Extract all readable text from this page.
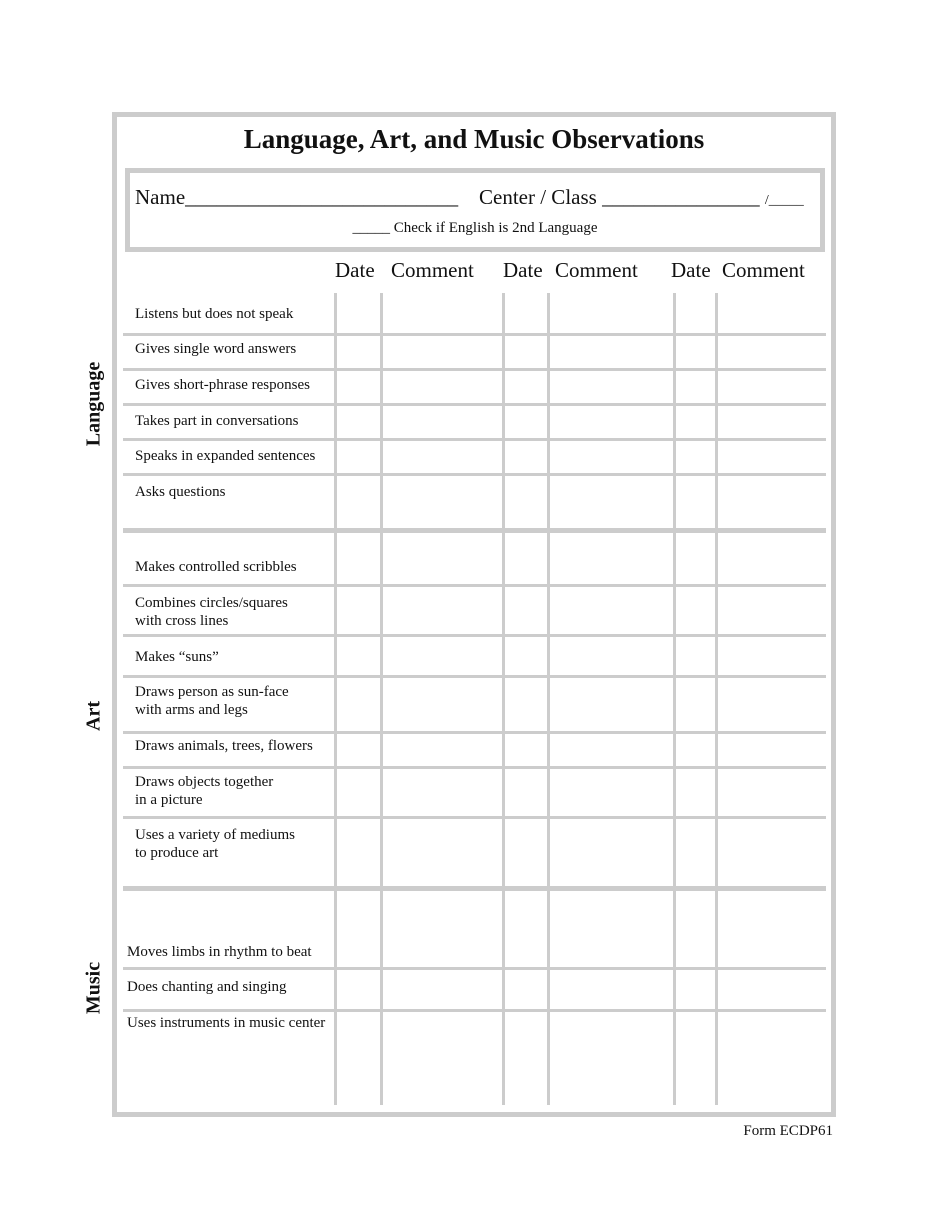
Language, Art, and Music Observations
Name__________________________ Center / Class _______________ /_____
_____ Check if English is 2nd Language
Date Comment Date Comment Date Comment
Language
Art
Music
Listens but does not speak
Gives single word answers
Gives short-phrase responses
Takes part in conversations
Speaks in expanded sentences
Asks questions
Makes controlled scribbles
Combines circles/squares
with cross lines
Makes “suns”
Draws person as sun-face
with arms and legs
Draws animals, trees, flowers
Draws objects together
in a picture
Uses a variety of mediums
to produce art
Moves limbs in rhythm to beat
Does chanting and singing
Uses instruments in music center
Form ECDP61
